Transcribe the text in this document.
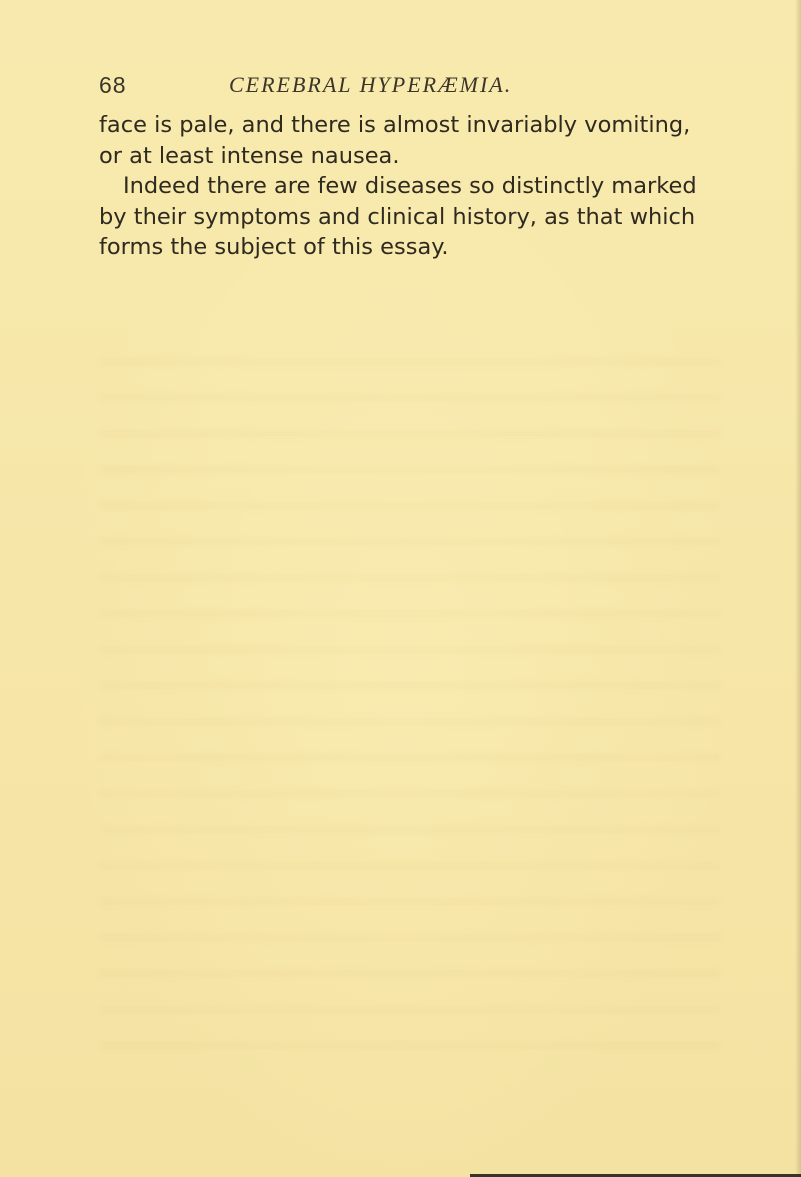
68	CEREBRAL HYPERÆMIA.
face is pale, and there is almost invariably vomiting,
or at least intense nausea.
Indeed there are few diseases so distinctly marked
by their symptoms and clinical history, as that which
forms the subject of this essay.
